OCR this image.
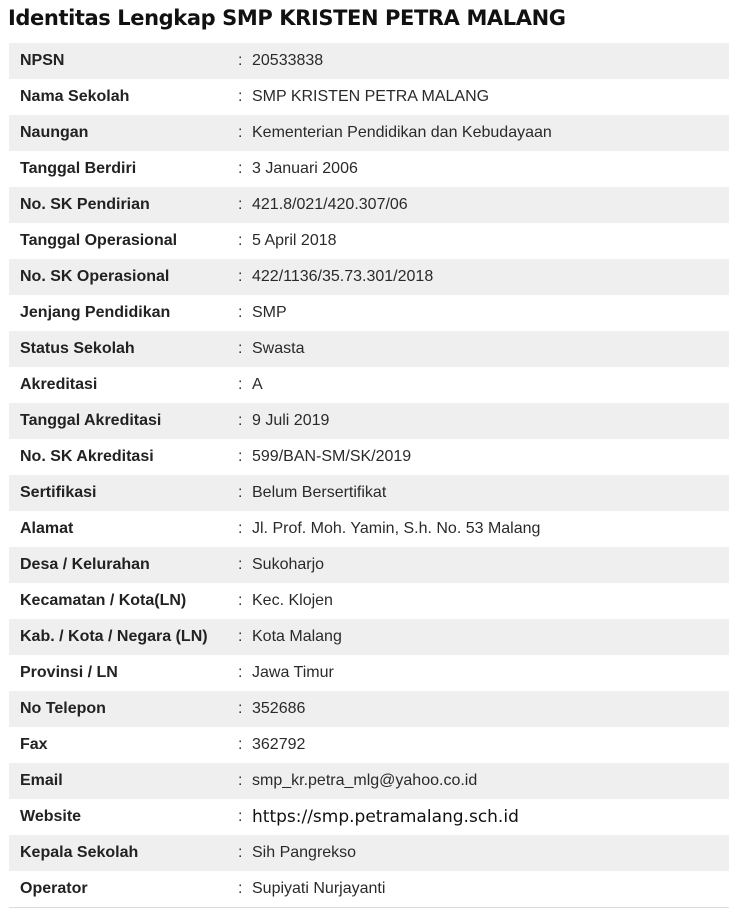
Identitas Lengkap SMP KRISTEN PETRA MALANG
NPSN	:	20533838
Nama Sekolah	:	SMP KRISTEN PETRA MALANG
Naungan	:	Kementerian Pendidikan dan Kebudayaan
Tanggal Berdiri	:	3 Januari 2006
No. SK Pendirian	:	421.8/021/420.307/06
Tanggal Operasional	:	5 April 2018
No. SK Operasional	:	422/1136/35.73.301/2018
Jenjang Pendidikan	:	SMP
Status Sekolah	:	Swasta
Akreditasi	:	A
Tanggal Akreditasi	:	9 Juli 2019
No. SK Akreditasi	:	599/BAN-SM/SK/2019
Sertifikasi	:	Belum Bersertifikat
Alamat	:	Jl. Prof. Moh. Yamin, S.h. No. 53 Malang
Desa / Kelurahan	:	Sukoharjo
Kecamatan / Kota(LN)	:	Kec. Klojen
Kab. / Kota / Negara (LN)	:	Kota Malang
Provinsi / LN	:	Jawa Timur
No Telepon	:	352686
Fax	:	362792
Email	:	smp_kr.petra_mlg@yahoo.co.id
Website	:	https://smp.petramalang.sch.id
Kepala Sekolah	:	Sih Pangrekso
Operator	:	Supiyati Nurjayanti
